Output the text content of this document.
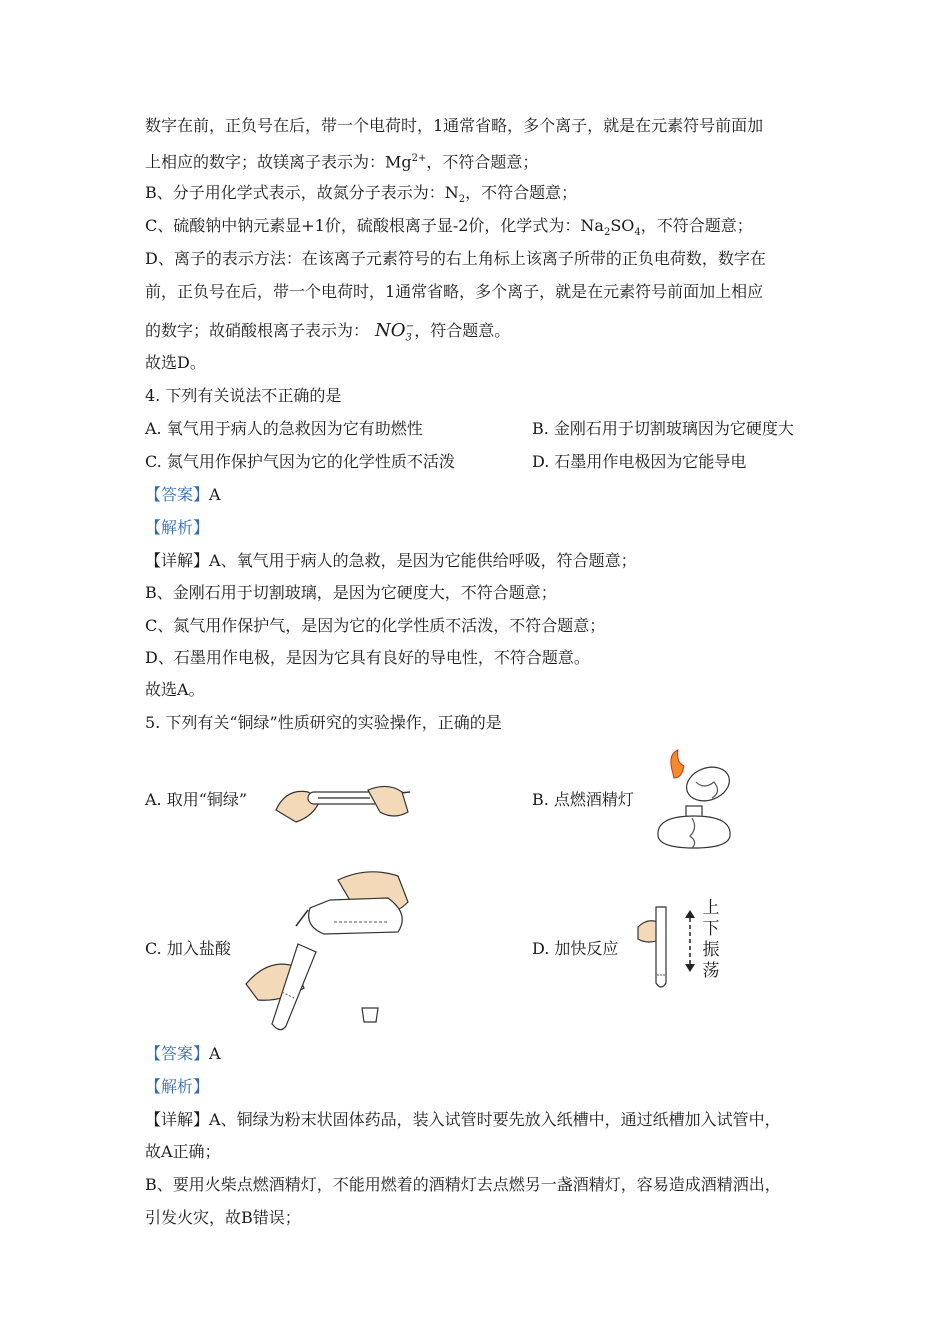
数字在前，正负号在后，带一个电荷时，1通常省略，多个离子，就是在元素符号前面加
上相应的数字；故镁离子表示为：$Mg^{2+}$，不符合题意；
B、分子用化学式表示，故氮分子表示为：$N_2$，不符合题意；
C、硫酸钠中钠元素显+1价，硫酸根离子显-2价，化学式为：$Na_2SO_4$，不符合题意；
D、离子的表示方法：在该离子元素符号的右上角标上该离子所带的正负电荷数，数字在
前，正负号在后，带一个电荷时，1通常省略，多个离子，就是在元素符号前面加上相应
的数字；故硝酸根离子表示为： $NO_3^-$，符合题意。
故选D。
4. 下列有关说法不正确的是
A. 氧气用于病人的急救因为它有助燃性	B. 金刚石用于切割玻璃因为它硬度大
C. 氮气用作保护气因为它的化学性质不活泼	D. 石墨用作电极因为它能导电
【答案】A
【解析】
【详解】A、氧气用于病人的急救，是因为它能供给呼吸，符合题意；
B、金刚石用于切割玻璃，是因为它硬度大，不符合题意；
C、氮气用作保护气，是因为它的化学性质不活泼，不符合题意；
D、石墨用作电极，是因为它具有良好的导电性，不符合题意。
故选A。
5. 下列有关“铜绿”性质研究的实验操作，正确的是
A. 取用“铜绿”	B. 点燃酒精灯
C. 加入盐酸	D. 加快反应
上
下
振
荡
【答案】A
【解析】
【详解】A、铜绿为粉末状固体药品，装入试管时要先放入纸槽中，通过纸槽加入试管中，
故A正确；
B、要用火柴点燃酒精灯，不能用燃着的酒精灯去点燃另一盏酒精灯，容易造成酒精洒出，
引发火灾，故B错误；
